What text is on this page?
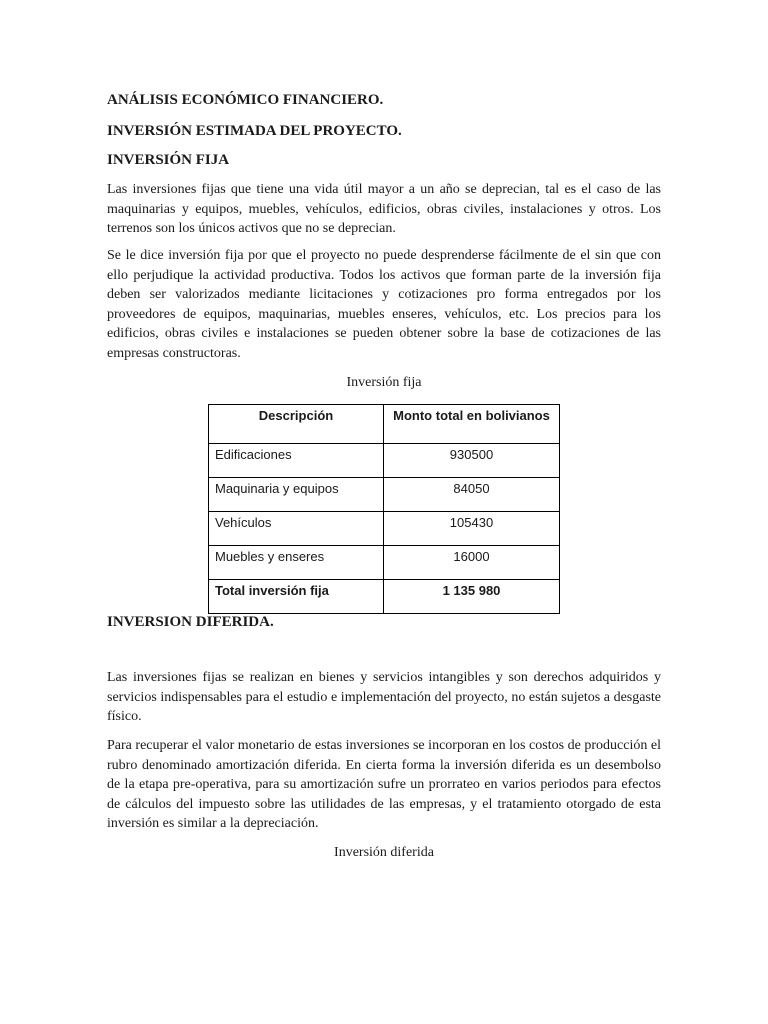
ANÁLISIS ECONÓMICO FINANCIERO.

INVERSIÓN ESTIMADA DEL PROYECTO.

INVERSIÓN FIJA

Las inversiones fijas que tiene una vida útil mayor a un año se deprecian, tal es el caso de las maquinarias y equipos, muebles, vehículos, edificios, obras civiles, instalaciones y otros. Los terrenos son los únicos activos que no se deprecian.

Se le dice inversión fija por que el proyecto no puede desprenderse fácilmente de el sin que con ello perjudique la actividad productiva. Todos los activos que forman parte de la inversión fija deben ser valorizados mediante licitaciones y cotizaciones pro forma entregados por los proveedores de equipos, maquinarias, muebles enseres, vehículos, etc. Los precios para los edificios, obras civiles e instalaciones se pueden obtener sobre la base de cotizaciones de las empresas constructoras.

Inversión fija

Descripción	Monto total en bolivianos
Edificaciones	930500
Maquinaria y equipos	84050
Vehículos	105430
Muebles y enseres	16000
Total inversión fija	1 135 980

INVERSION DIFERIDA.

Las inversiones fijas se realizan en bienes y servicios intangibles y son derechos adquiridos y servicios indispensables para el estudio e implementación del proyecto, no están sujetos a desgaste físico.

Para recuperar el valor monetario de estas inversiones se incorporan en los costos de producción el rubro denominado amortización diferida. En cierta forma la inversión diferida es un desembolso de la etapa pre-operativa, para su amortización sufre un prorrateo en varios periodos para efectos de cálculos del impuesto sobre las utilidades de las empresas, y el tratamiento otorgado de esta inversión es similar a la depreciación.

Inversión diferida
